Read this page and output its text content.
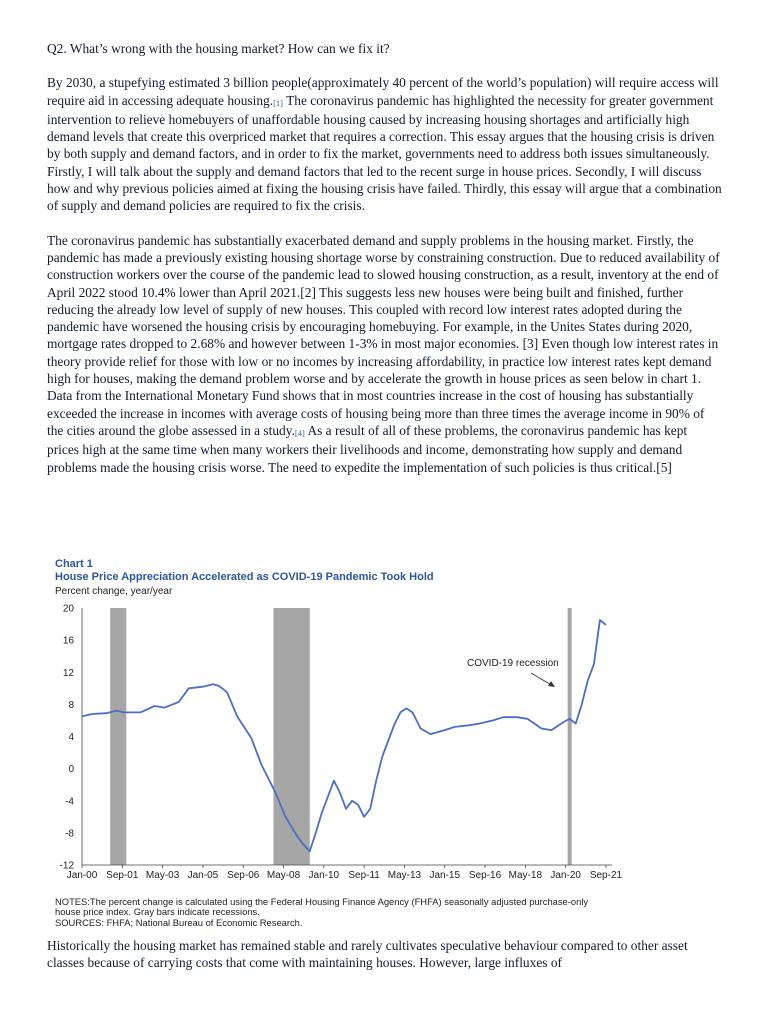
Q2. What’s wrong with the housing market? How can we fix it?

By 2030, a stupefying estimated 3 billion people(approximately 40 percent of the world’s population) will require access will require aid in accessing adequate housing.[1] The coronavirus pandemic has highlighted the necessity for greater government intervention to relieve homebuyers of unaffordable housing caused by increasing housing shortages and artificially high demand levels that create this overpriced market that requires a correction. This essay argues that the housing crisis is driven by both supply and demand factors, and in order to fix the market, governments need to address both issues simultaneously. Firstly, I will talk about the supply and demand factors that led to the recent surge in house prices. Secondly, I will discuss how and why previous policies aimed at fixing the housing crisis have failed. Thirdly, this essay will argue that a combination of supply and demand policies are required to fix the crisis.

The coronavirus pandemic has substantially exacerbated demand and supply problems in the housing market. Firstly, the pandemic has made a previously existing housing shortage worse by constraining construction. Due to reduced availability of construction workers over the course of the pandemic lead to slowed housing construction, as a result, inventory at the end of April 2022 stood 10.4% lower than April 2021.[2] This suggests less new houses were being built and finished, further reducing the already low level of supply of new houses. This coupled with record low interest rates adopted during the pandemic have worsened the housing crisis by encouraging homebuying. For example, in the Unites States during 2020, mortgage rates dropped to 2.68% and however between 1-3% in most major economies. [3] Even though low interest rates in theory provide relief for those with low or no incomes by increasing affordability, in practice low interest rates kept demand high for houses, making the demand problem worse and by accelerate the growth in house prices as seen below in chart 1. Data from the International Monetary Fund shows that in most countries increase in the cost of housing has substantially exceeded the increase in incomes with average costs of housing being more than three times the average income in 90% of the cities around the globe assessed in a study.[4] As a result of all of these problems, the coronavirus pandemic has kept prices high at the same time when many workers their livelihoods and income, demonstrating how supply and demand problems made the housing crisis worse. The need to expedite the implementation of such policies is thus critical.[5]

Chart 1
House Price Appreciation Accelerated as COVID-19 Pandemic Took Hold
Percent change, year/year
20
16
12
8
4
0
-4
-8
-12
Jan-00 Sep-01 May-03 Jan-05 Sep-06 May-08 Jan-10 Sep-11 May-13 Jan-15 Sep-16 May-18 Jan-20 Sep-21
COVID-19 recession

NOTES:The percent change is calculated using the Federal Housing Finance Agency (FHFA) seasonally adjusted purchase-only house price index. Gray bars indicate recessions.

SOURCES: FHFA; National Bureau of Economic Research.

Historically the housing market has remained stable and rarely cultivates speculative behaviour compared to other asset classes because of carrying costs that come with maintaining houses. However, large influxes of
